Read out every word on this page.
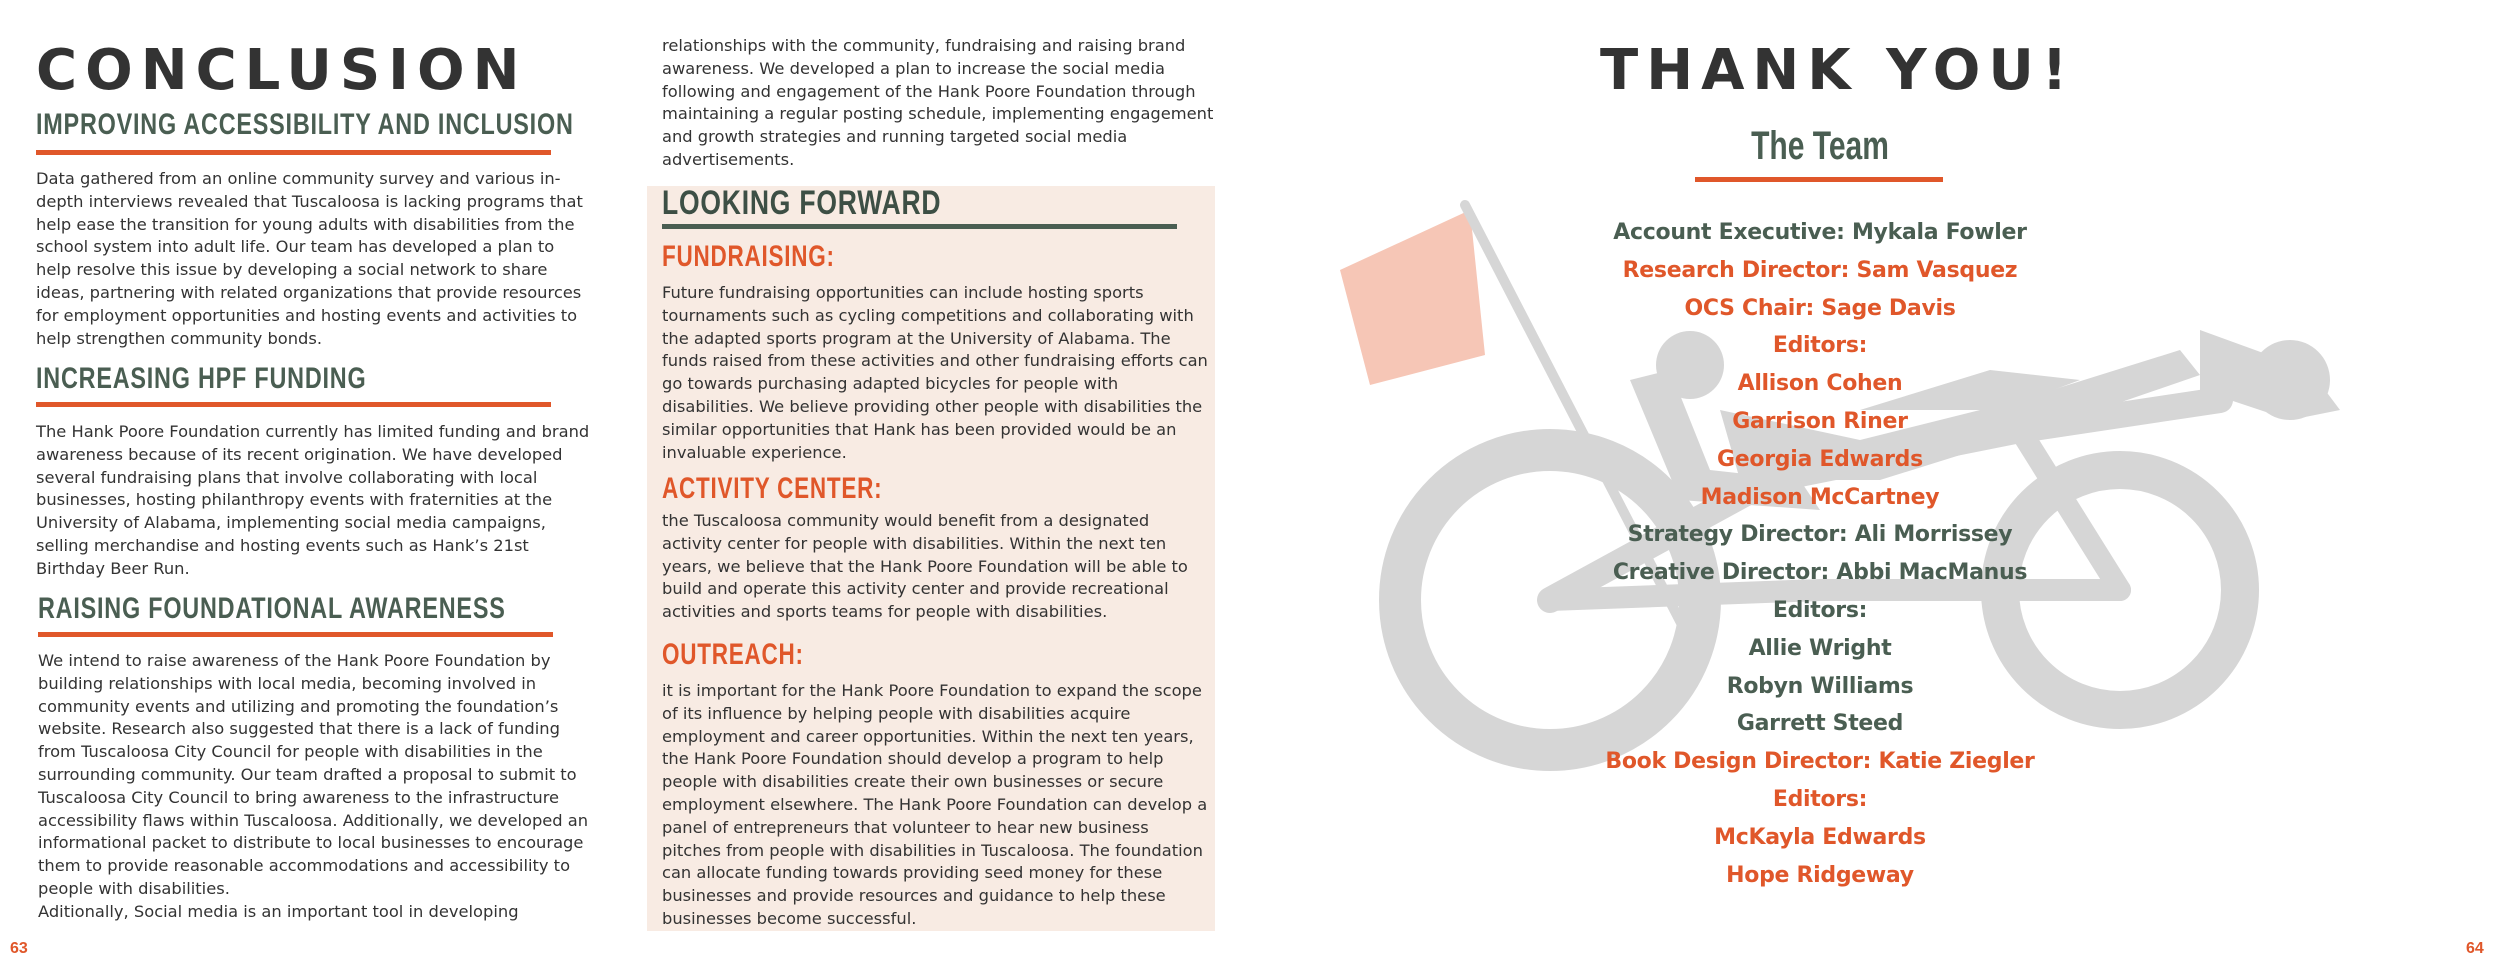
CONCLUSION
IMPROVING ACCESSIBILITY AND INCLUSION

Data gathered from an online community survey and various in-depth interviews revealed that Tuscaloosa is lacking programs that help ease the transition for young adults with disabilities from the school system into adult life. Our team has developed a plan to help resolve this issue by developing a social network to share ideas, partnering with related organizations that provide resources for employment opportunities and hosting events and activities to help strengthen community bonds.

INCREASING HPF FUNDING

The Hank Poore Foundation currently has limited funding and brand awareness because of its recent origination. We have developed several fundraising plans that involve collaborating with local businesses, hosting philanthropy events with fraternities at the University of Alabama, implementing social media campaigns, selling merchandise and hosting events such as Hank’s 21st Birthday Beer Run.

RAISING FOUNDATIONAL AWARENESS

We intend to raise awareness of the Hank Poore Foundation by building relationships with local media, becoming involved in community events and utilizing and promoting the foundation’s website. Research also suggested that there is a lack of funding from Tuscaloosa City Council for people with disabilities in the surrounding community. Our team drafted a proposal to submit to Tuscaloosa City Council to bring awareness to the infrastructure accessibility flaws within Tuscaloosa. Additionally, we developed an informational packet to distribute to local businesses to encourage them to provide reasonable accommodations and accessibility to people with disabilities.

Aditionally, Social media is an important tool in developing

relationships with the community, fundraising and raising brand awareness. We developed a plan to increase the social media following and engagement of the Hank Poore Foundation through maintaining a regular posting schedule, implementing engagement and growth strategies and running targeted social media advertisements.

LOOKING FORWARD
FUNDRAISING:

Future fundraising opportunities can include hosting sports tournaments such as cycling competitions and collaborating with the adapted sports program at the University of Alabama. The funds raised from these activities and other fundraising efforts can go towards purchasing adapted bicycles for people with disabilities. We believe providing other people with disabilities the similar opportunities that Hank has been provided would be an invaluable experience.

ACTIVITY CENTER:

the Tuscaloosa community would benefit from a designated activity center for people with disabilities. Within the next ten years, we believe that the Hank Poore Foundation will be able to build and operate this activity center and provide recreational activities and sports teams for people with disabilities.

OUTREACH:

it is important for the Hank Poore Foundation to expand the scope of its influence by helping people with disabilities acquire employment and career opportunities. Within the next ten years, the Hank Poore Foundation should develop a program to help people with disabilities create their own businesses or secure employment elsewhere. The Hank Poore Foundation can develop a panel of entrepreneurs that volunteer to hear new business pitches from people with disabilities in Tuscaloosa. The foundation can allocate funding towards providing seed money for these businesses and provide resources and guidance to help these businesses become successful.

63
THANK YOU!
The Team
Account Executive: Mykala Fowler
Research Director: Sam Vasquez
OCS Chair: Sage Davis
Editors:
Allison Cohen
Garrison Riner
Georgia Edwards
Madison McCartney
Strategy Director: Ali Morrissey
Creative Director: Abbi MacManus
Editors:
Allie Wright
Robyn Williams
Garrett Steed
Book Design Director: Katie Ziegler
Editors:
McKayla Edwards
Hope Ridgeway
64
